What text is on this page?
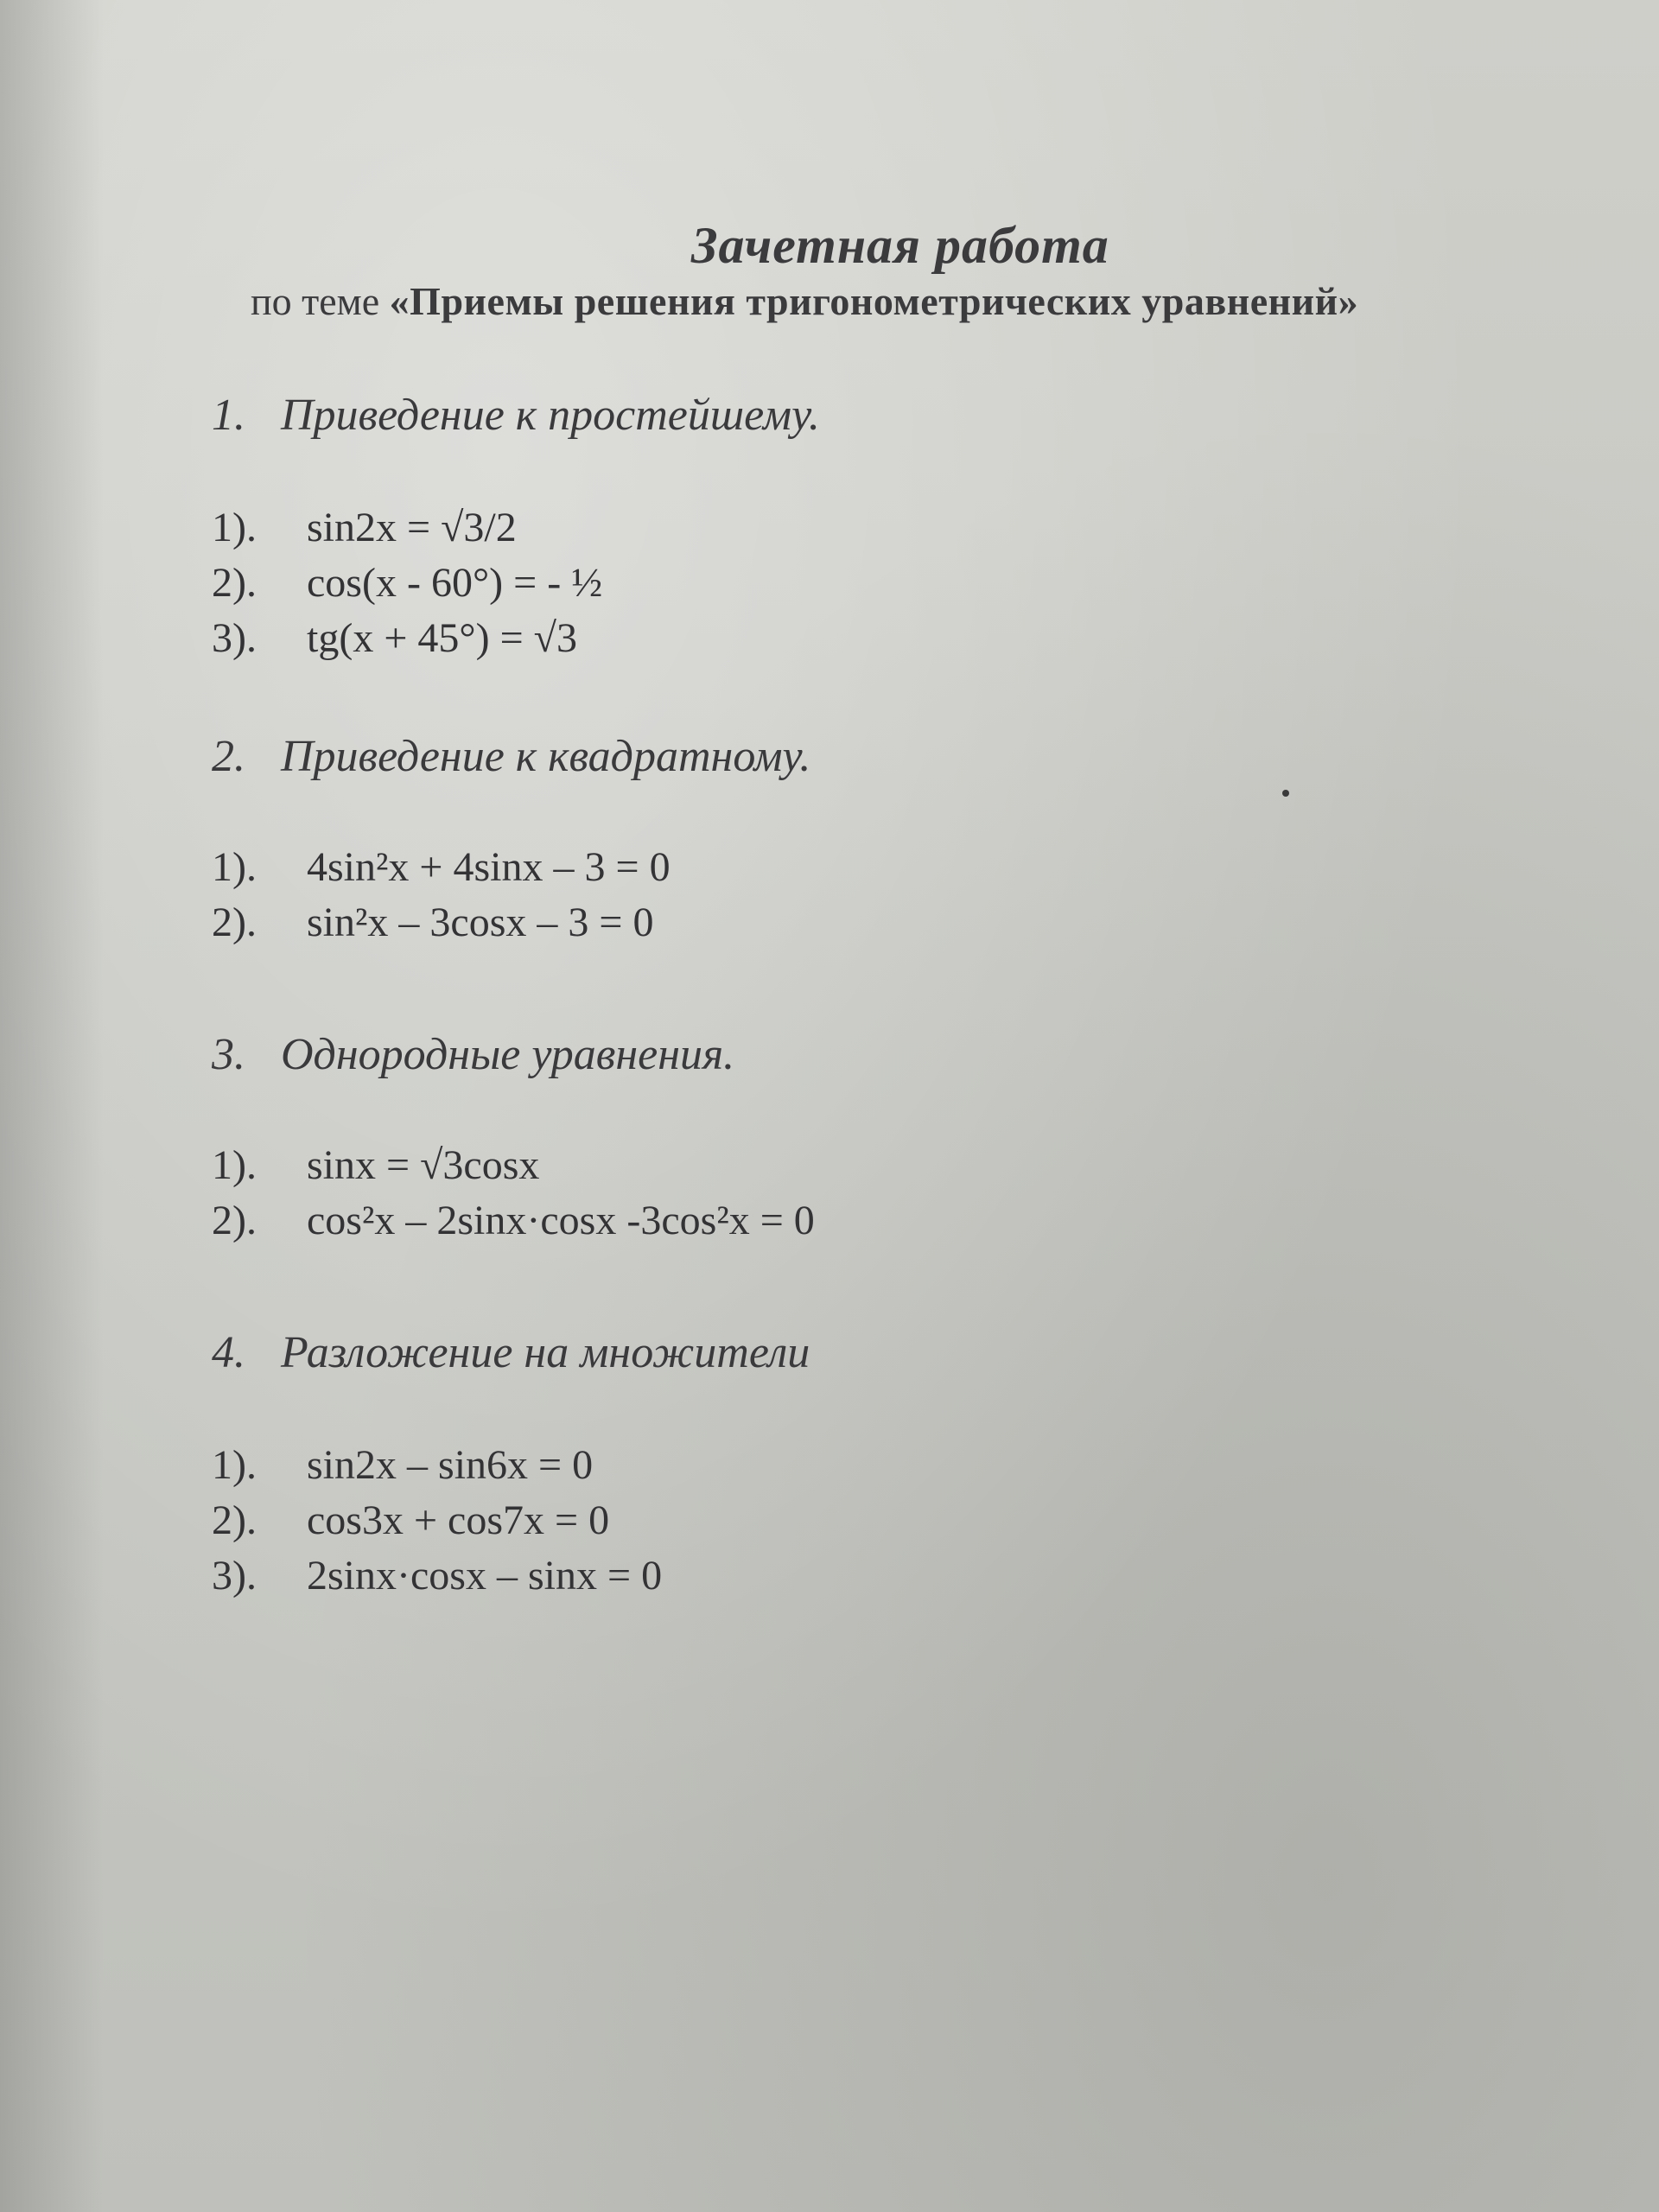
Зачетная работа
по теме «Приемы решения тригонометрических уравнений»
1. Приведение к простейшему.
1). sin2x = √3/2
2). cos(x - 60°) = - ½
3). tg(x + 45°) = √3
2. Приведение к квадратному.
1). 4sin²x + 4sinx – 3 = 0
2). sin²x – 3cosx – 3 = 0
3. Однородные уравнения.
1). sinx = √3cosx
2). cos²x – 2sinx·cosx -3cos²x = 0
4. Разложение на множители
1). sin2x – sin6x = 0
2). cos3x + cos7x = 0
3). 2sinx·cosx – sinx = 0
